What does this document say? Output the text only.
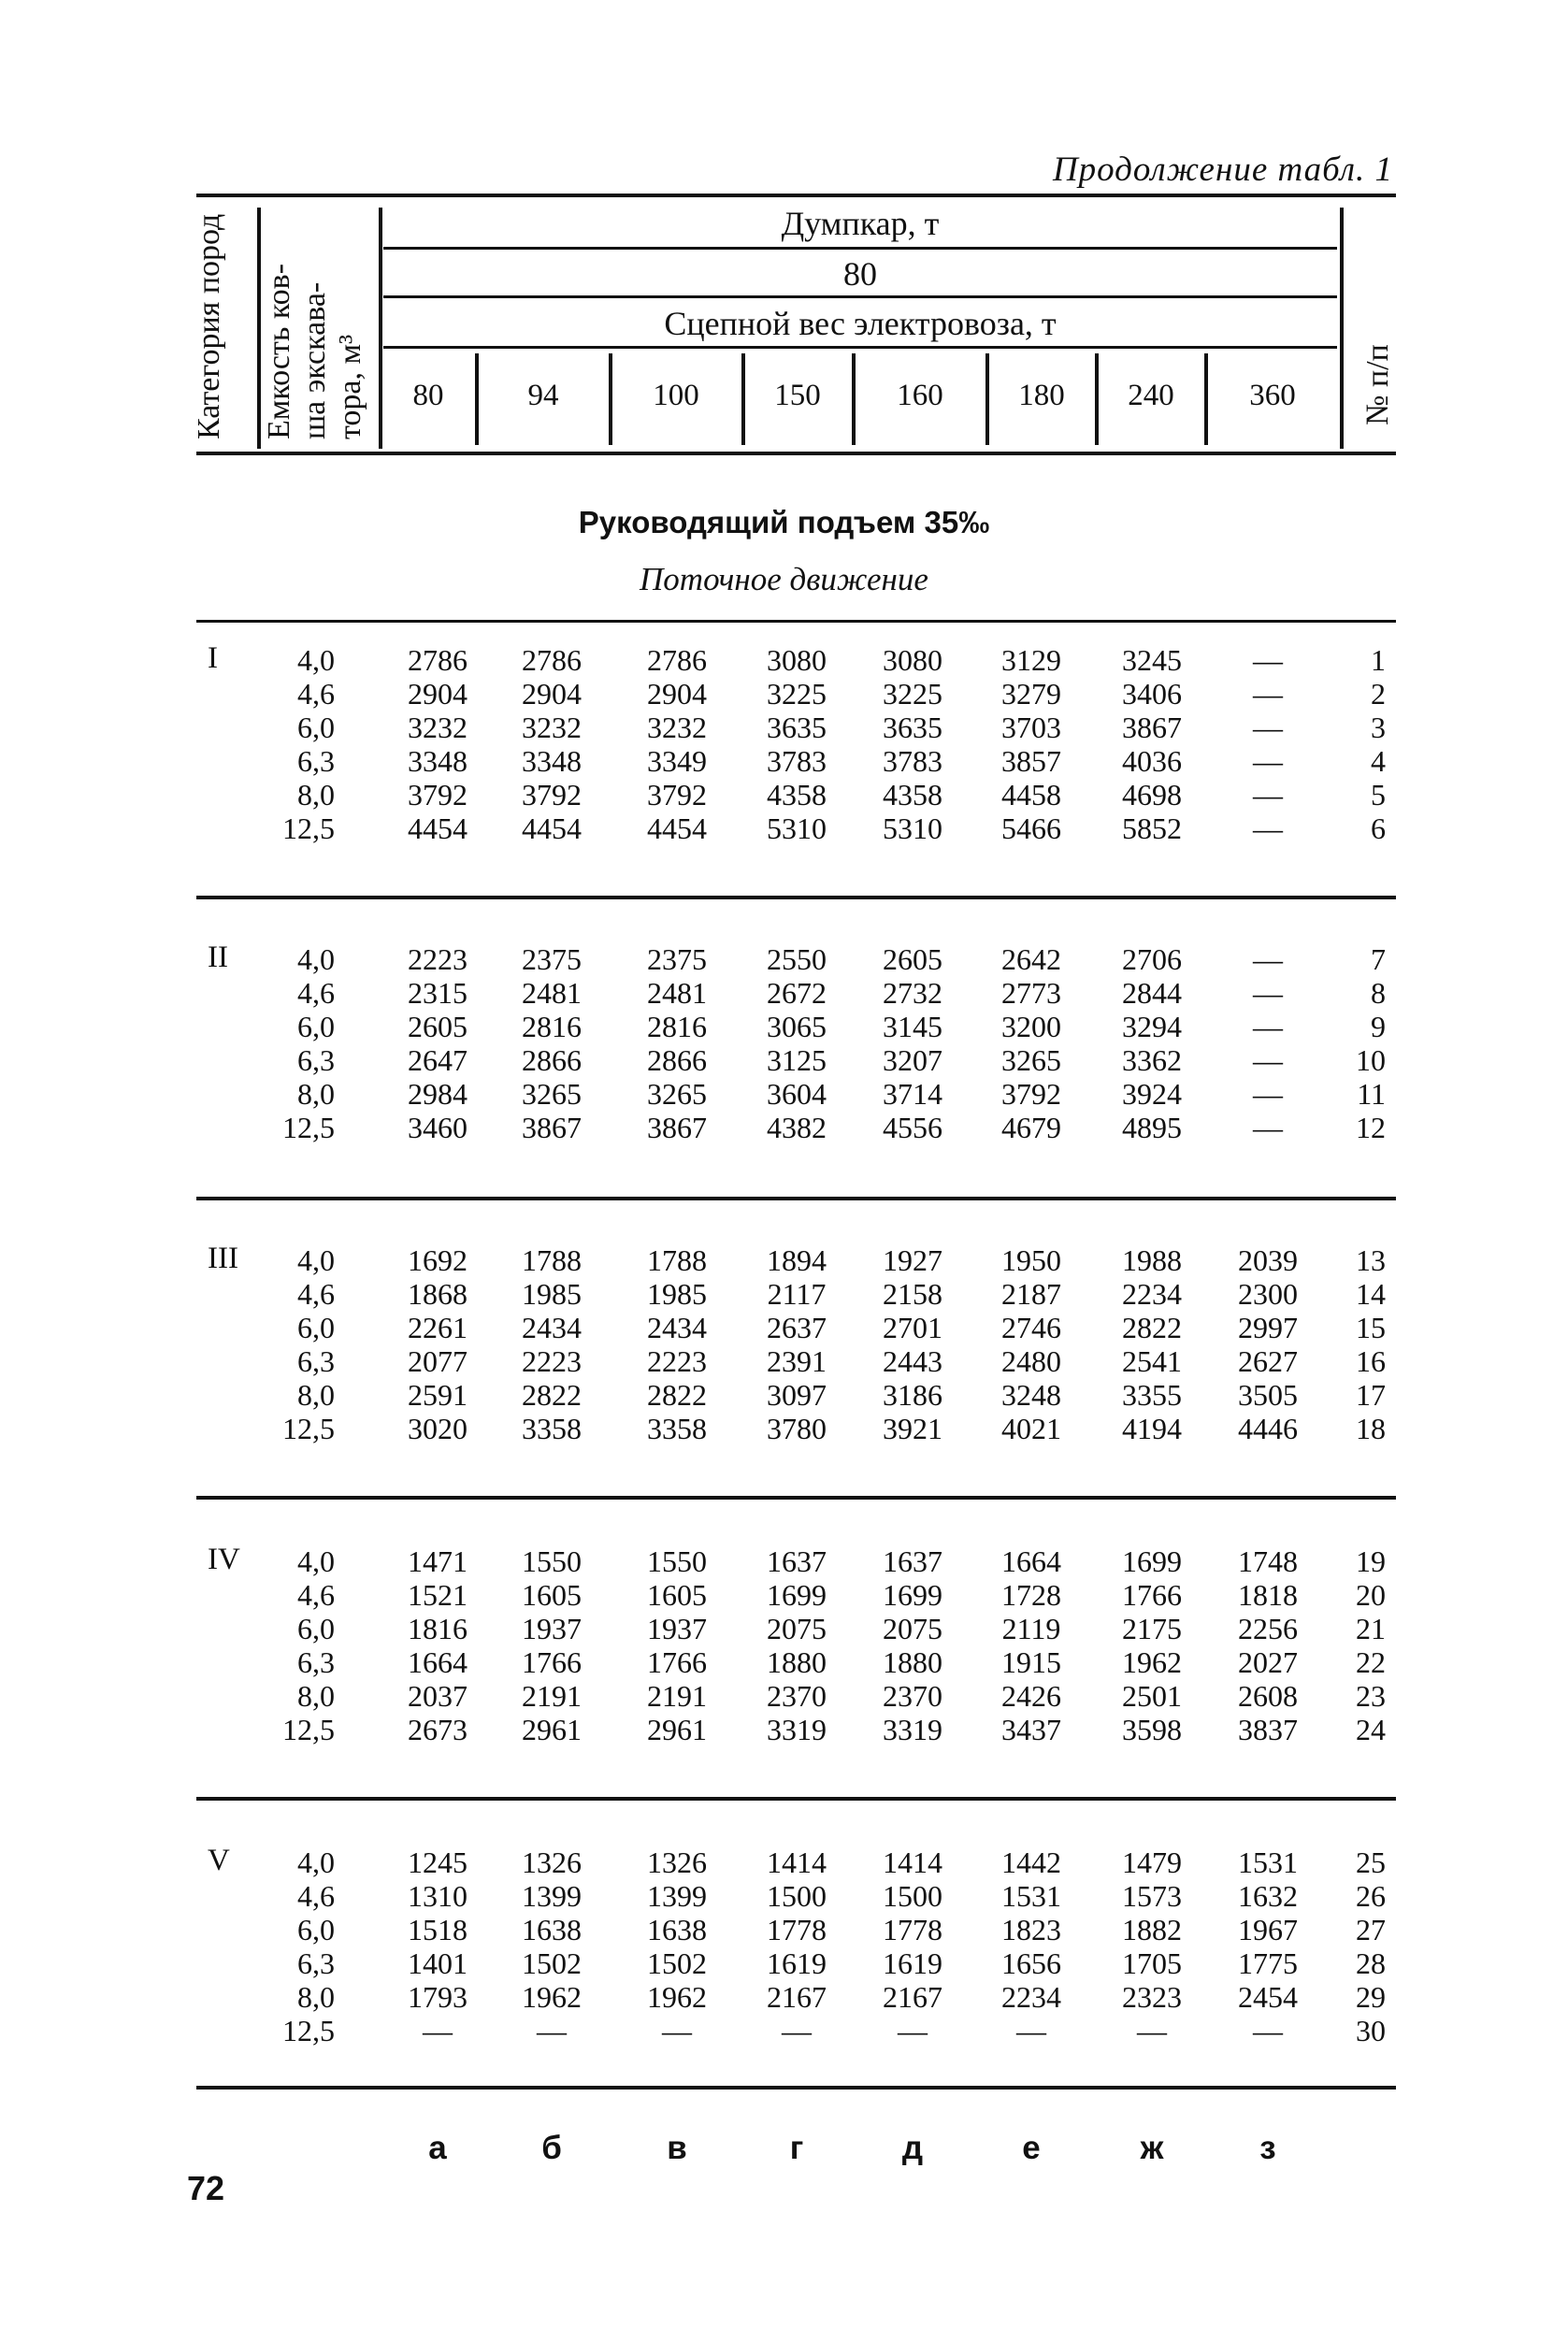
Продолжение табл. 1
Категория пород Емкость ков- ша экскава- тора, м³	№ п/п
Думпкар, т
80
Сцепной вес электровоза, т
80	94	100	150	160	180	240	360
Руководящий подъем 35‰
Поточное движение
I	4,0	2786	2786	2786	3080	3080	3129	3245	—	1
4,6	2904	2904	2904	3225	3225	3279	3406	—	2
6,0	3232	3232	3232	3635	3635	3703	3867	—	3
6,3	3348	3348	3349	3783	3783	3857	4036	—	4
8,0	3792	3792	3792	4358	4358	4458	4698	—	5
12,5	4454	4454	4454	5310	5310	5466	5852	—	6
II	4,0	2223	2375	2375	2550	2605	2642	2706	—	7
4,6	2315	2481	2481	2672	2732	2773	2844	—	8
6,0	2605	2816	2816	3065	3145	3200	3294	—	9
6,3	2647	2866	2866	3125	3207	3265	3362	—	10
8,0	2984	3265	3265	3604	3714	3792	3924	—	11
12,5	3460	3867	3867	4382	4556	4679	4895	—	12
III	4,0	1692	1788	1788	1894	1927	1950	1988	2039	13
4,6	1868	1985	1985	2117	2158	2187	2234	2300	14
6,0	2261	2434	2434	2637	2701	2746	2822	2997	15
6,3	2077	2223	2223	2391	2443	2480	2541	2627	16
8,0	2591	2822	2822	3097	3186	3248	3355	3505	17
12,5	3020	3358	3358	3780	3921	4021	4194	4446	18
IV	4,0	1471	1550	1550	1637	1637	1664	1699	1748	19
4,6	1521	1605	1605	1699	1699	1728	1766	1818	20
6,0	1816	1937	1937	2075	2075	2119	2175	2256	21
6,3	1664	1766	1766	1880	1880	1915	1962	2027	22
8,0	2037	2191	2191	2370	2370	2426	2501	2608	23
12,5	2673	2961	2961	3319	3319	3437	3598	3837	24
V	4,0	1245	1326	1326	1414	1414	1442	1479	1531	25
4,6	1310	1399	1399	1500	1500	1531	1573	1632	26
6,0	1518	1638	1638	1778	1778	1823	1882	1967	27
6,3	1401	1502	1502	1619	1619	1656	1705	1775	28
8,0	1793	1962	1962	2167	2167	2234	2323	2454	29
12,5	—	—	—	—	—	—	—	—	30
а	б	в	г	д	е	ж	з
72
